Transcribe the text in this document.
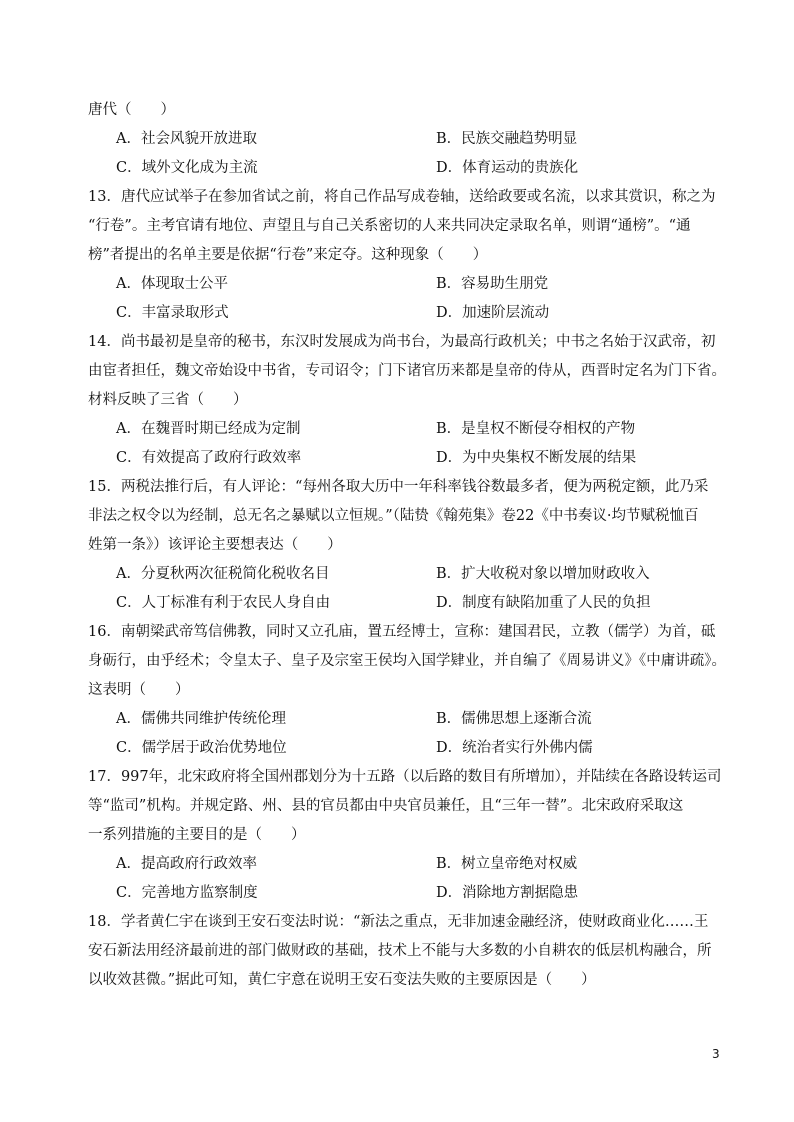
唐代（　　）
A．社会风貌开放进取	B．民族交融趋势明显
C．域外文化成为主流	D．体育运动的贵族化
13．唐代应试举子在参加省试之前，将自己作品写成卷轴，送给政要或名流，以求其赏识，称之为
“行卷”。主考官请有地位、声望且与自己关系密切的人来共同决定录取名单，则谓“通榜”。“通
榜”者提出的名单主要是依据“行卷”来定夺。这种现象（　　）
A．体现取士公平	B．容易助生朋党
C．丰富录取形式	D．加速阶层流动
14．尚书最初是皇帝的秘书，东汉时发展成为尚书台，为最高行政机关；中书之名始于汉武帝，初
由宦者担任，魏文帝始设中书省，专司诏令；门下诸官历来都是皇帝的侍从，西晋时定名为门下省。
材料反映了三省（　　）
A．在魏晋时期已经成为定制	B．是皇权不断侵夺相权的产物
C．有效提高了政府行政效率	D．为中央集权不断发展的结果
15．两税法推行后，有人评论：“每州各取大历中一年科率钱谷数最多者，便为两税定额，此乃采
非法之权令以为经制，总无名之暴赋以立恒规。”（陆贽《翰苑集》卷22《中书奏议·均节赋税恤百
姓第一条》）该评论主要想表达（　　）
A．分夏秋两次征税简化税收名目	B．扩大收税对象以增加财政收入
C．人丁标准有利于农民人身自由	D．制度有缺陷加重了人民的负担
16．南朝梁武帝笃信佛教，同时又立孔庙，置五经博士，宣称：建国君民，立教（儒学）为首，砥
身砺行，由乎经术；令皇太子、皇子及宗室王侯均入国学肄业，并自编了《周易讲义》《中庸讲疏》。
这表明（　　）
A．儒佛共同维护传统伦理	B．儒佛思想上逐渐合流
C．儒学居于政治优势地位	D．统治者实行外佛内儒
17．997年，北宋政府将全国州郡划分为十五路（以后路的数目有所增加），并陆续在各路设转运司
等“监司”机构。并规定路、州、县的官员都由中央官员兼任，且“三年一替”。北宋政府采取这
一系列措施的主要目的是（　　）
A．提高政府行政效率	B．树立皇帝绝对权威
C．完善地方监察制度	D．消除地方割据隐患
18．学者黄仁宇在谈到王安石变法时说：“新法之重点，无非加速金融经济，使财政商业化……王
安石新法用经济最前进的部门做财政的基础，技术上不能与大多数的小自耕农的低层机构融合，所
以收效甚微。”据此可知，黄仁宇意在说明王安石变法失败的主要原因是（　　）
3
